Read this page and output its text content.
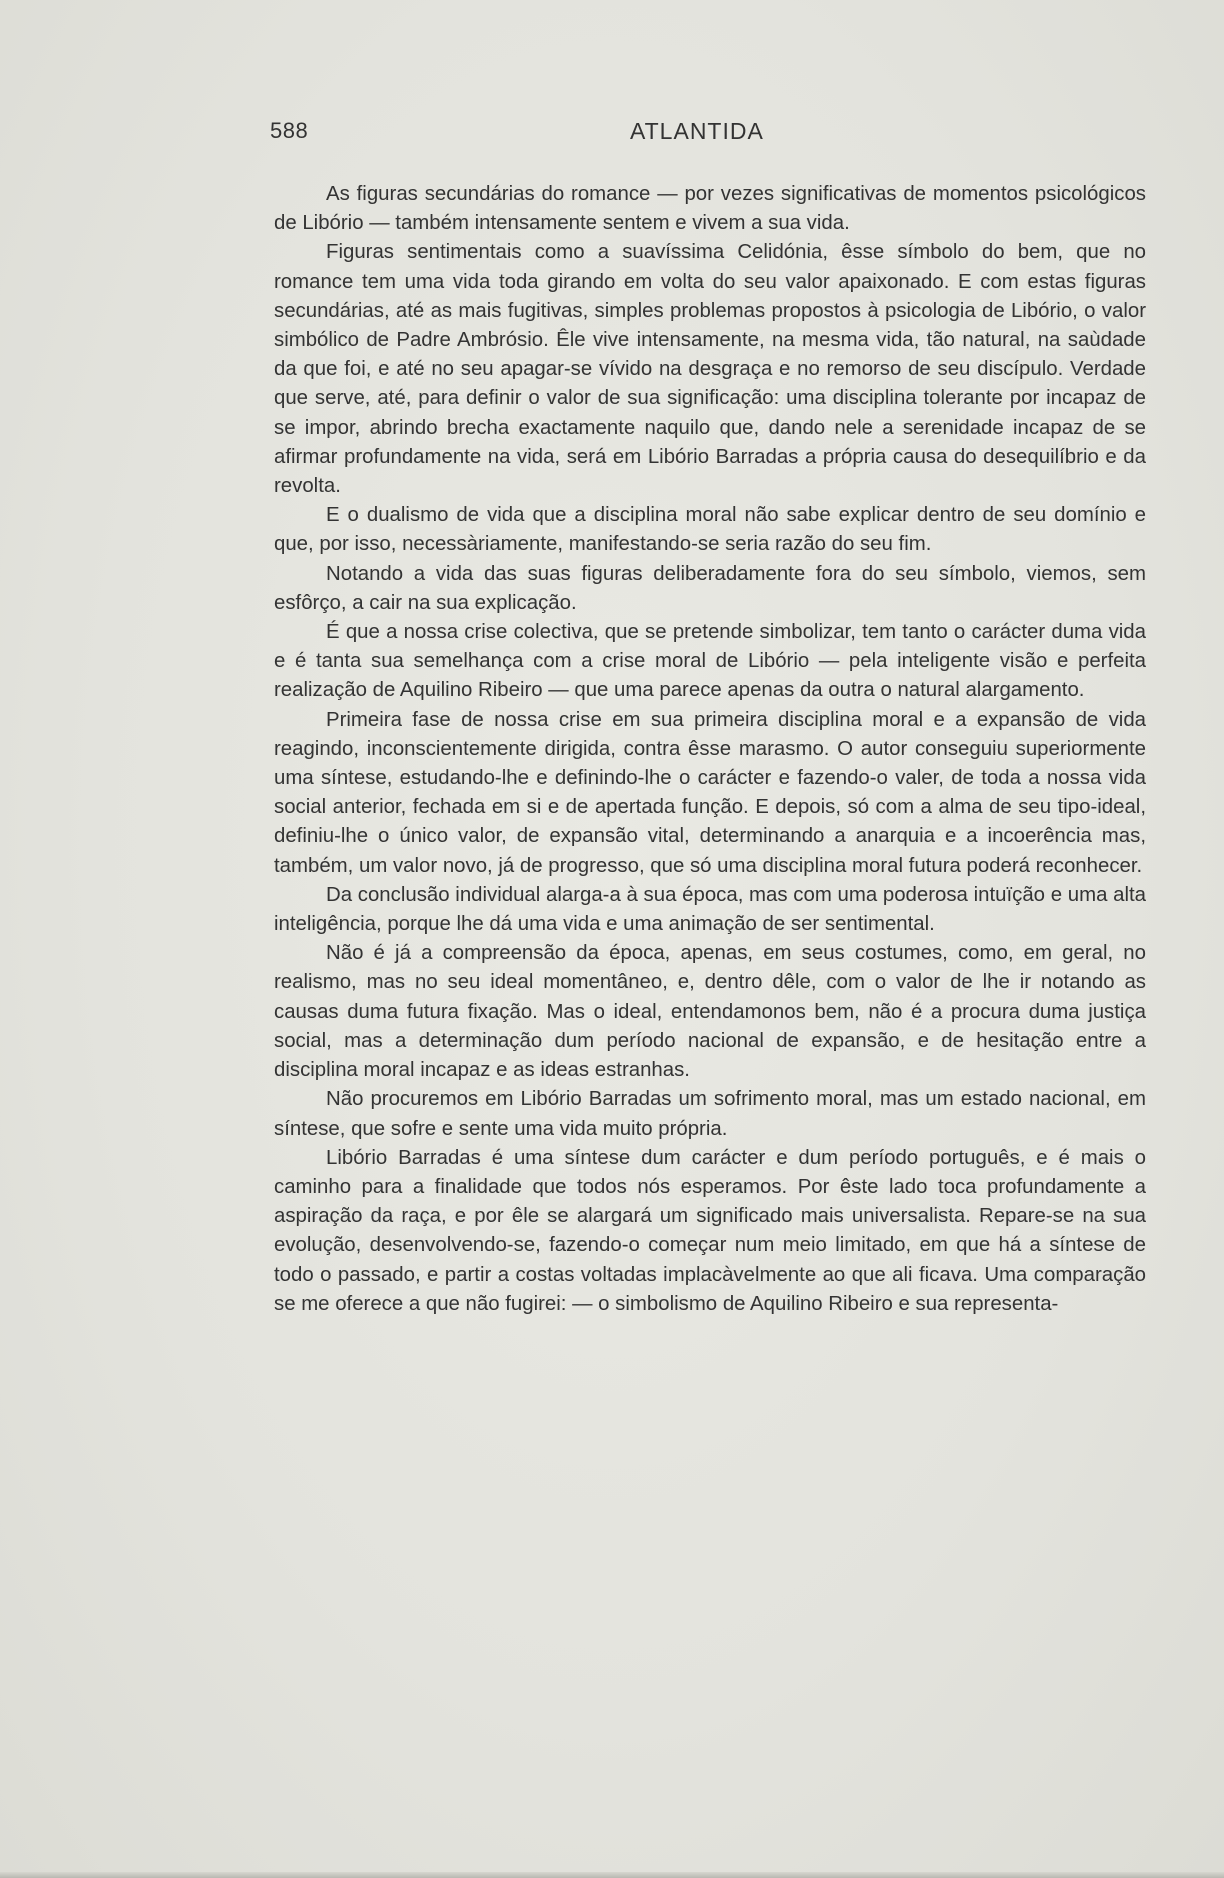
588	ATLANTIDA

As figuras secundárias do romance — por vezes significativas de momentos psicológicos de Libório — também intensamente sentem e vivem a sua vida.

Figuras sentimentais como a suavíssima Celidónia, êsse símbolo do bem, que no romance tem uma vida toda girando em volta do seu valor apaixonado. E com estas figuras secundárias, até as mais fugitivas, simples problemas propostos à psicologia de Libório, o valor simbólico de Padre Ambrósio. Êle vive intensamente, na mesma vida, tão natural, na saùdade da que foi, e até no seu apagar-se vívido na desgraça e no remorso de seu discípulo. Verdade que serve, até, para definir o valor de sua significação: uma disciplina tolerante por incapaz de se impor, abrindo brecha exactamente naquilo que, dando nele a serenidade incapaz de se afirmar profundamente na vida, será em Libório Barradas a própria causa do desequilíbrio e da revolta.

E o dualismo de vida que a disciplina moral não sabe explicar dentro de seu domínio e que, por isso, necessàriamente, manifestando-se seria razão do seu fim.

Notando a vida das suas figuras deliberadamente fora do seu símbolo, viemos, sem esfôrço, a cair na sua explicação.

É que a nossa crise colectiva, que se pretende simbolizar, tem tanto o carácter duma vida e é tanta sua semelhança com a crise moral de Libório — pela inteligente visão e perfeita realização de Aquilino Ribeiro — que uma parece apenas da outra o natural alargamento.

Primeira fase de nossa crise em sua primeira disciplina moral e a expansão de vida reagindo, inconscientemente dirigida, contra êsse marasmo. O autor conseguiu superiormente uma síntese, estudando-lhe e definindo-lhe o carácter e fazendo-o valer, de toda a nossa vida social anterior, fechada em si e de apertada função. E depois, só com a alma de seu tipo-ideal, definiu-lhe o único valor, de expansão vital, determinando a anarquia e a incoerência mas, também, um valor novo, já de progresso, que só uma disciplina moral futura poderá reconhecer.

Da conclusão individual alarga-a à sua época, mas com uma poderosa intuïção e uma alta inteligência, porque lhe dá uma vida e uma animação de ser sentimental.

Não é já a compreensão da época, apenas, em seus costumes, como, em geral, no realismo, mas no seu ideal momentâneo, e, dentro dêle, com o valor de lhe ir notando as causas duma futura fixação. Mas o ideal, entendamonos bem, não é a procura duma justiça social, mas a determinação dum período nacional de expansão, e de hesitação entre a disciplina moral incapaz e as ideas estranhas.

Não procuremos em Libório Barradas um sofrimento moral, mas um estado nacional, em síntese, que sofre e sente uma vida muito própria.

Libório Barradas é uma síntese dum carácter e dum período português, e é mais o caminho para a finalidade que todos nós esperamos. Por êste lado toca profundamente a aspiração da raça, e por êle se alargará um significado mais universalista. Repare-se na sua evolução, desenvolvendo-se, fazendo-o começar num meio limitado, em que há a síntese de todo o passado, e partir a costas voltadas implacàvelmente ao que ali ficava. Uma comparação se me oferece a que não fugirei: — o simbolismo de Aquilino Ribeiro e sua representa-
